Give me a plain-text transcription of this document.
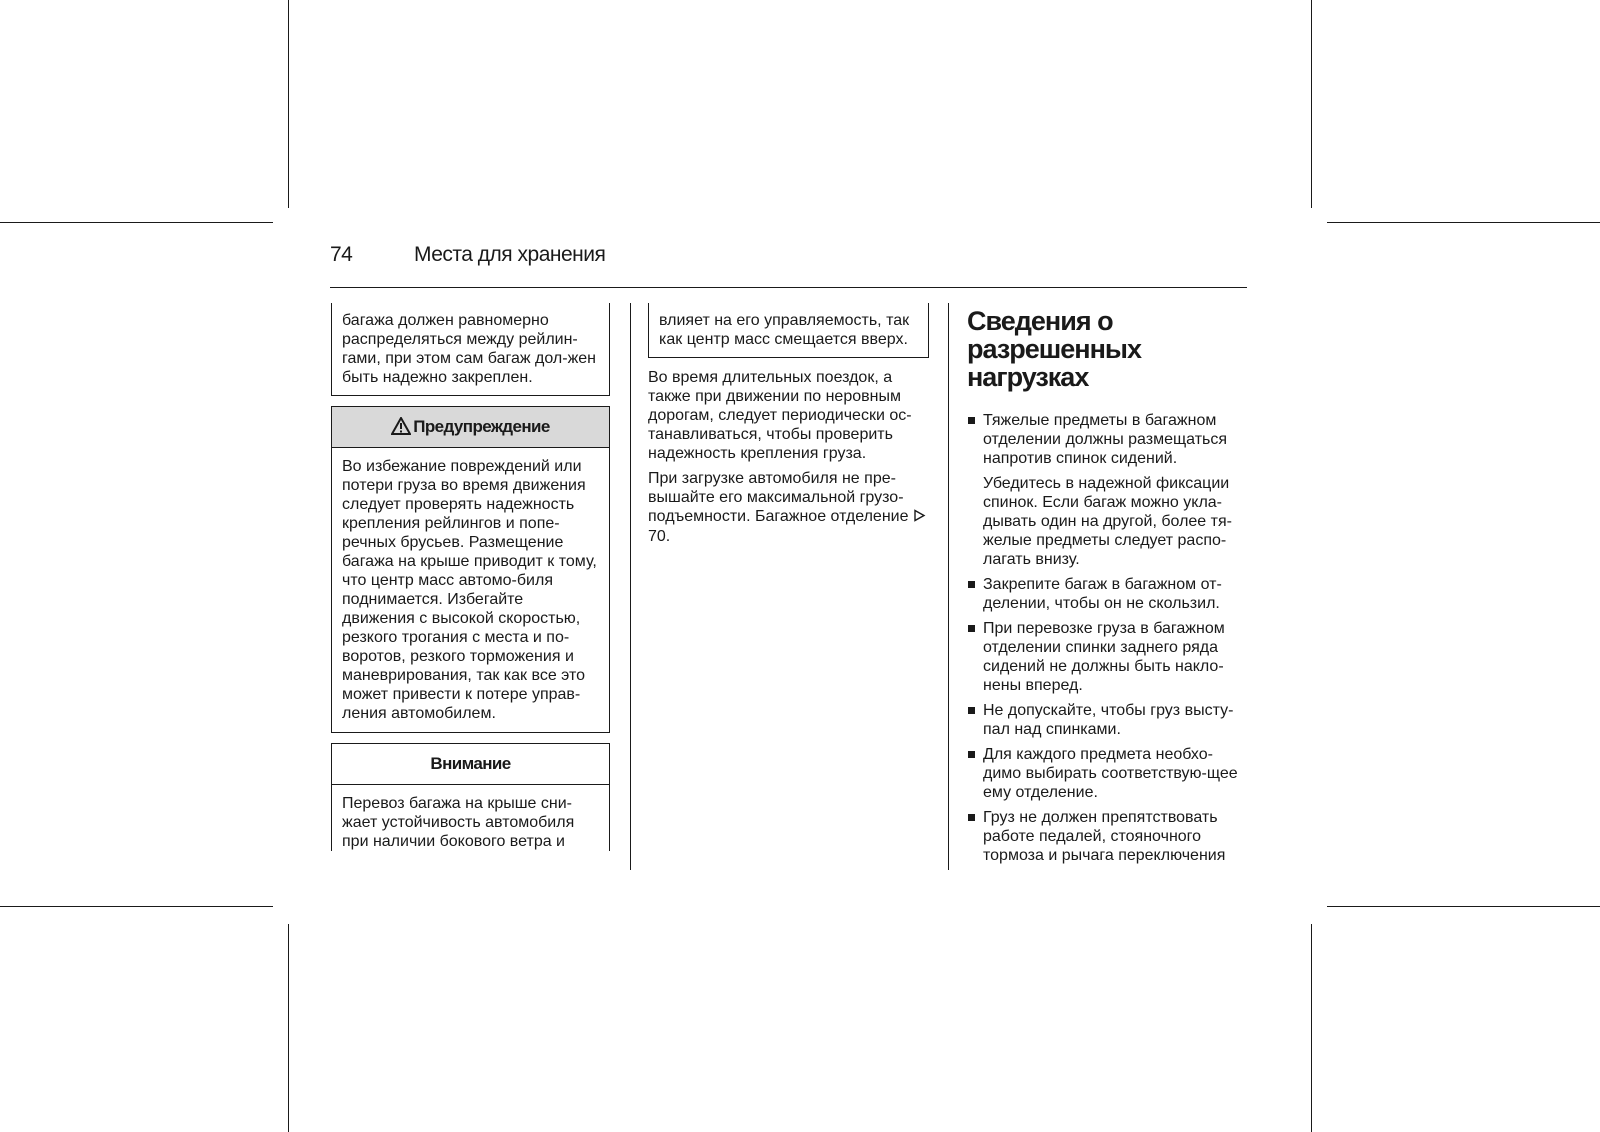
74	Места для хранения
багажа должен равномерно распределяться между рейлин-гами, при этом сам багаж дол-жен быть надежно закреплен.
Предупреждение
Во избежание повреждений или потери груза во время движения следует проверять надежность крепления рейлингов и попе-речных брусьев. Размещение багажа на крыше приводит к тому, что центр масс автомо-биля поднимается. Избегайте движения с высокой скоростью, резкого трогания с места и по-воротов, резкого торможения и маневрирования, так как все это может привести к потере управ-ления автомобилем.
Внимание
Перевоз багажа на крыше сни-жает устойчивость автомобиля при наличии бокового ветра и
влияет на его управляемость, так как центр масс смещается вверх.

Во время длительных поездок, а также при движении по неровным дорогам, следует периодически ос-танавливаться, чтобы проверить надежность крепления груза.

При загрузке автомобиля не пре-вышайте его максимальной грузо-подъемности. Багажное отделение  70.

Сведения о разрешенных нагрузках
Тяжелые предметы в багажном отделении должны размещаться напротив спинок сидений.
Убедитесь в надежной фиксации спинок. Если багаж можно укла-дывать один на другой, более тя-желые предметы следует распо-лагать внизу.
Закрепите багаж в багажном от-делении, чтобы он не скользил.
При перевозке груза в багажном отделении спинки заднего ряда сидений не должны быть накло-нены вперед.
Не допускайте, чтобы груз высту-пал над спинками.
Для каждого предмета необхо-димо выбирать соответствую-щее ему отделение.
Груз не должен препятствовать работе педалей, стояночного тормоза и рычага переключения
